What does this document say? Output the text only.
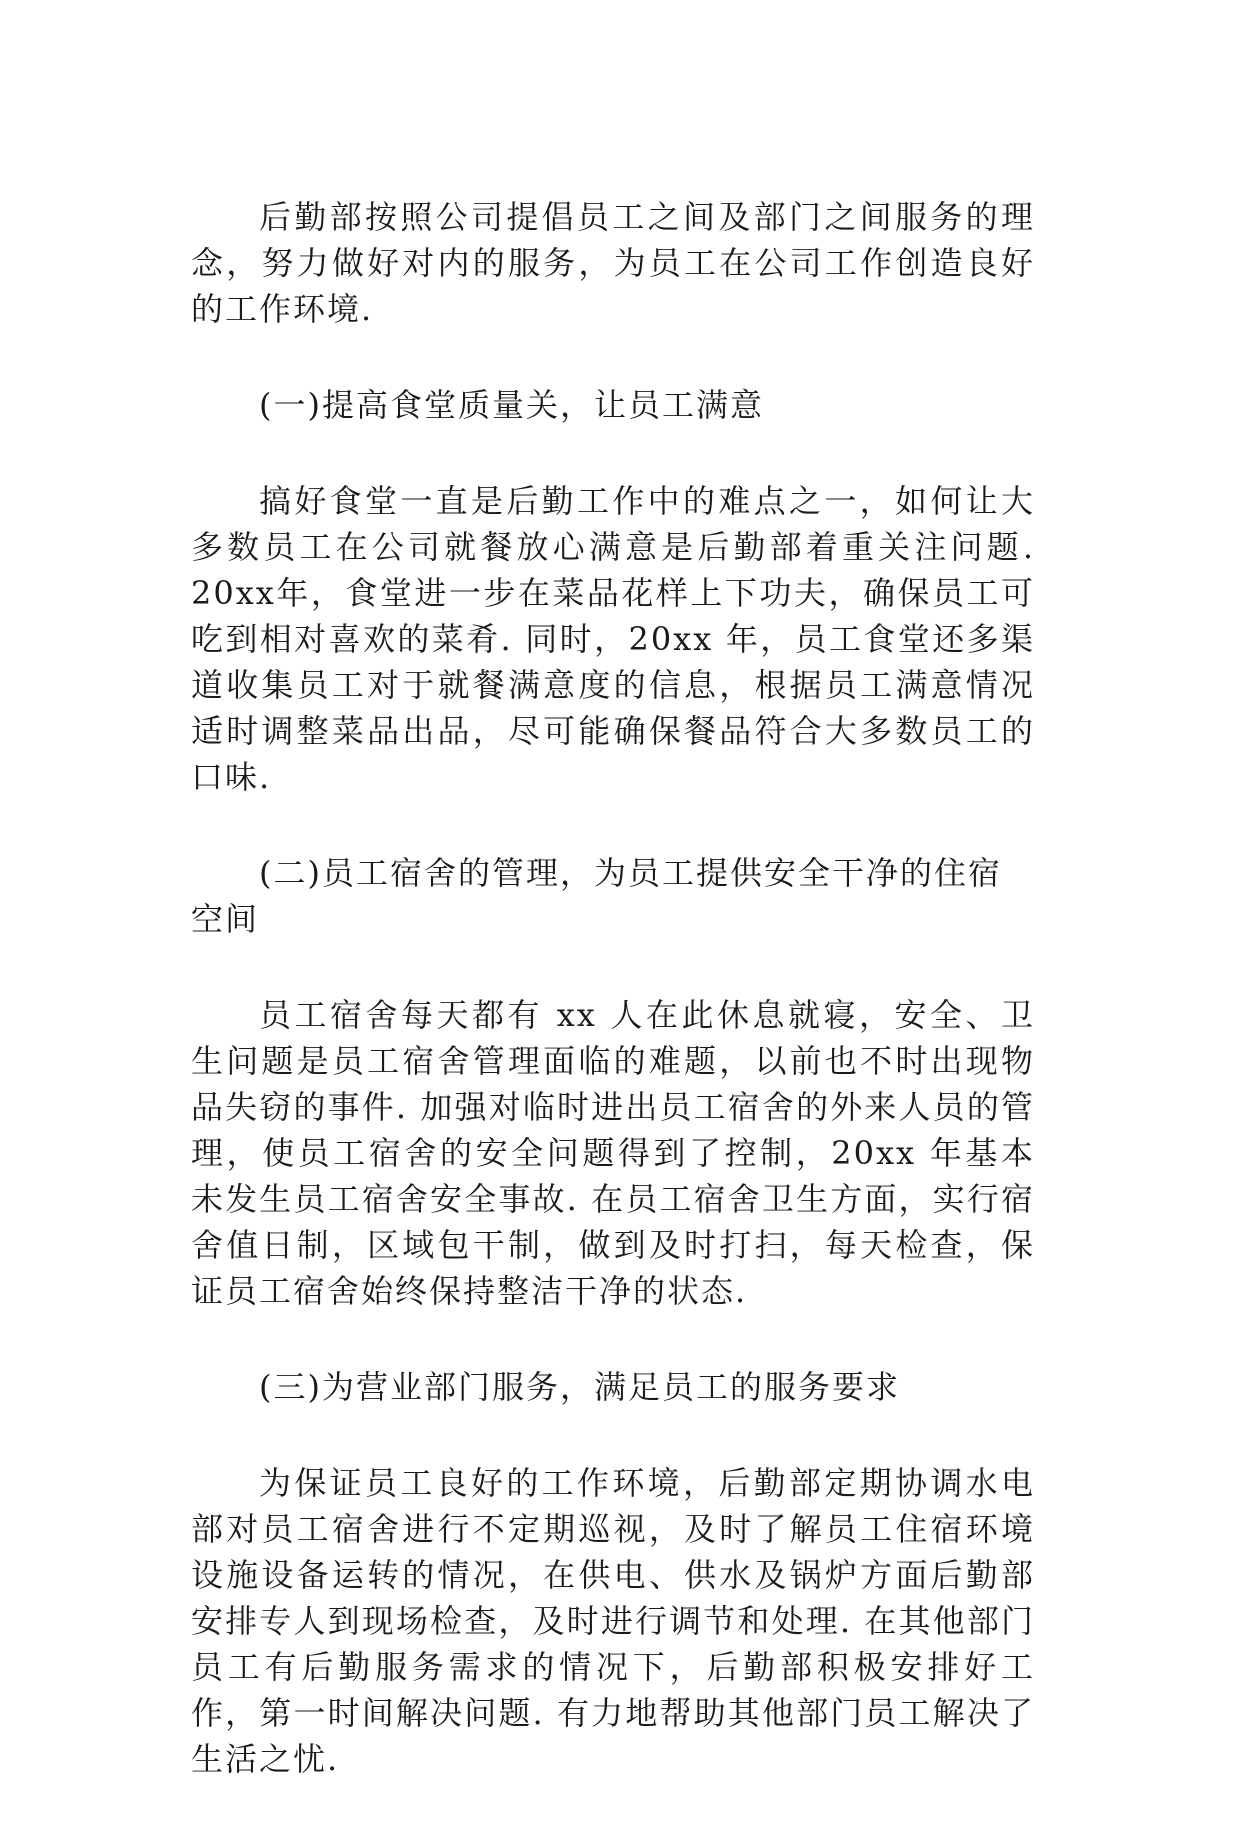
后勤部按照公司提倡员工之间及部门之间服务的理念，努力做好对内的服务，为员工在公司工作创造良好的工作环境.

(一)提高食堂质量关，让员工满意

搞好食堂一直是后勤工作中的难点之一，如何让大多数员工在公司就餐放心满意是后勤部着重关注问题. 20xx年，食堂进一步在菜品花样上下功夫，确保员工可吃到相对喜欢的菜肴. 同时，20xx 年，员工食堂还多渠道收集员工对于就餐满意度的信息，根据员工满意情况适时调整菜品出品，尽可能确保餐品符合大多数员工的口味.

(二)员工宿舍的管理，为员工提供安全干净的住宿空间

员工宿舍每天都有 xx 人在此休息就寝，安全、卫生问题是员工宿舍管理面临的难题，以前也不时出现物品失窃的事件. 加强对临时进出员工宿舍的外来人员的管理，使员工宿舍的安全问题得到了控制，20xx 年基本未发生员工宿舍安全事故. 在员工宿舍卫生方面，实行宿舍值日制，区域包干制，做到及时打扫，每天检查，保证员工宿舍始终保持整洁干净的状态.

(三)为营业部门服务，满足员工的服务要求

为保证员工良好的工作环境，后勤部定期协调水电部对员工宿舍进行不定期巡视，及时了解员工住宿环境设施设备运转的情况，在供电、供水及锅炉方面后勤部安排专人到现场检查，及时进行调节和处理. 在其他部门员工有后勤服务需求的情况下，后勤部积极安排好工作，第一时间解决问题. 有力地帮助其他部门员工解决了生活之忧.
